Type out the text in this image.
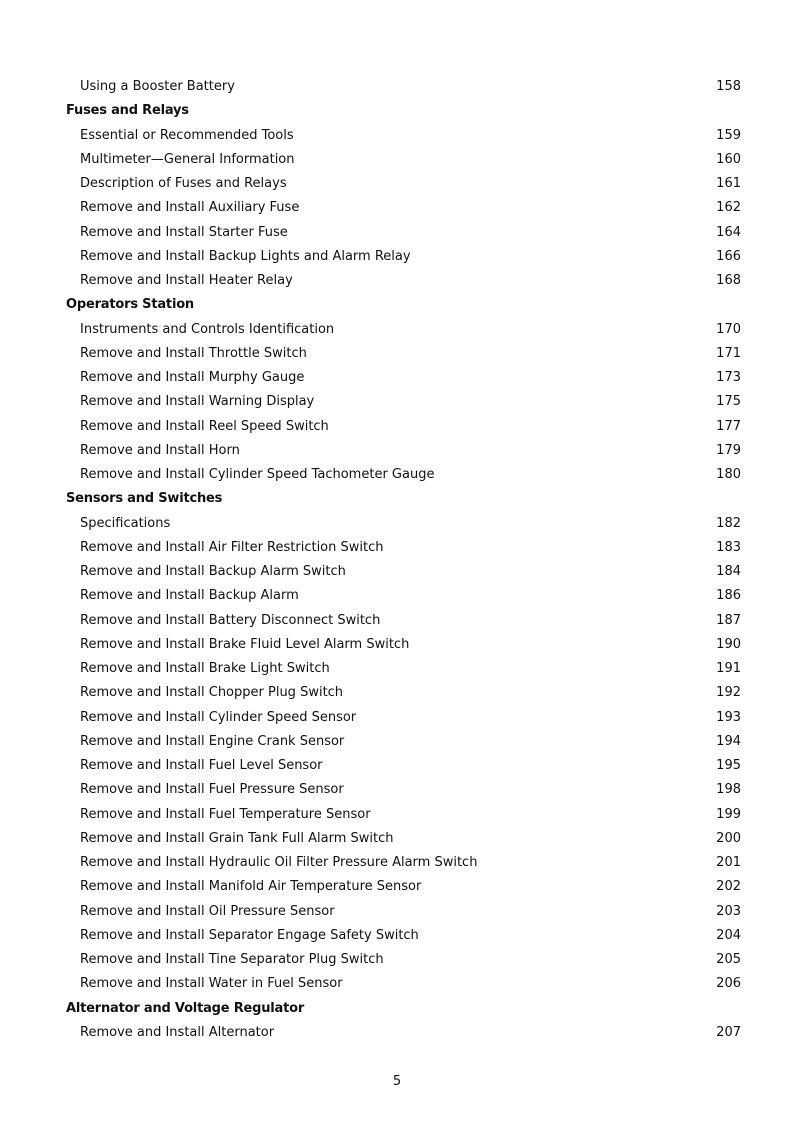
Using a Booster Battery	158
Fuses and Relays
Essential or Recommended Tools	159
Multimeter—General Information	160
Description of Fuses and Relays	161
Remove and Install Auxiliary Fuse	162
Remove and Install Starter Fuse	164
Remove and Install Backup Lights and Alarm Relay	166
Remove and Install Heater Relay	168
Operators Station
Instruments and Controls Identification	170
Remove and Install Throttle Switch	171
Remove and Install Murphy Gauge	173
Remove and Install Warning Display	175
Remove and Install Reel Speed Switch	177
Remove and Install Horn	179
Remove and Install Cylinder Speed Tachometer Gauge	180
Sensors and Switches
Specifications	182
Remove and Install Air Filter Restriction Switch	183
Remove and Install Backup Alarm Switch	184
Remove and Install Backup Alarm	186
Remove and Install Battery Disconnect Switch	187
Remove and Install Brake Fluid Level Alarm Switch	190
Remove and Install Brake Light Switch	191
Remove and Install Chopper Plug Switch	192
Remove and Install Cylinder Speed Sensor	193
Remove and Install Engine Crank Sensor	194
Remove and Install Fuel Level Sensor	195
Remove and Install Fuel Pressure Sensor	198
Remove and Install Fuel Temperature Sensor	199
Remove and Install Grain Tank Full Alarm Switch	200
Remove and Install Hydraulic Oil Filter Pressure Alarm Switch	201
Remove and Install Manifold Air Temperature Sensor	202
Remove and Install Oil Pressure Sensor	203
Remove and Install Separator Engage Safety Switch	204
Remove and Install Tine Separator Plug Switch	205
Remove and Install Water in Fuel Sensor	206
Alternator and Voltage Regulator
Remove and Install Alternator	207
5
